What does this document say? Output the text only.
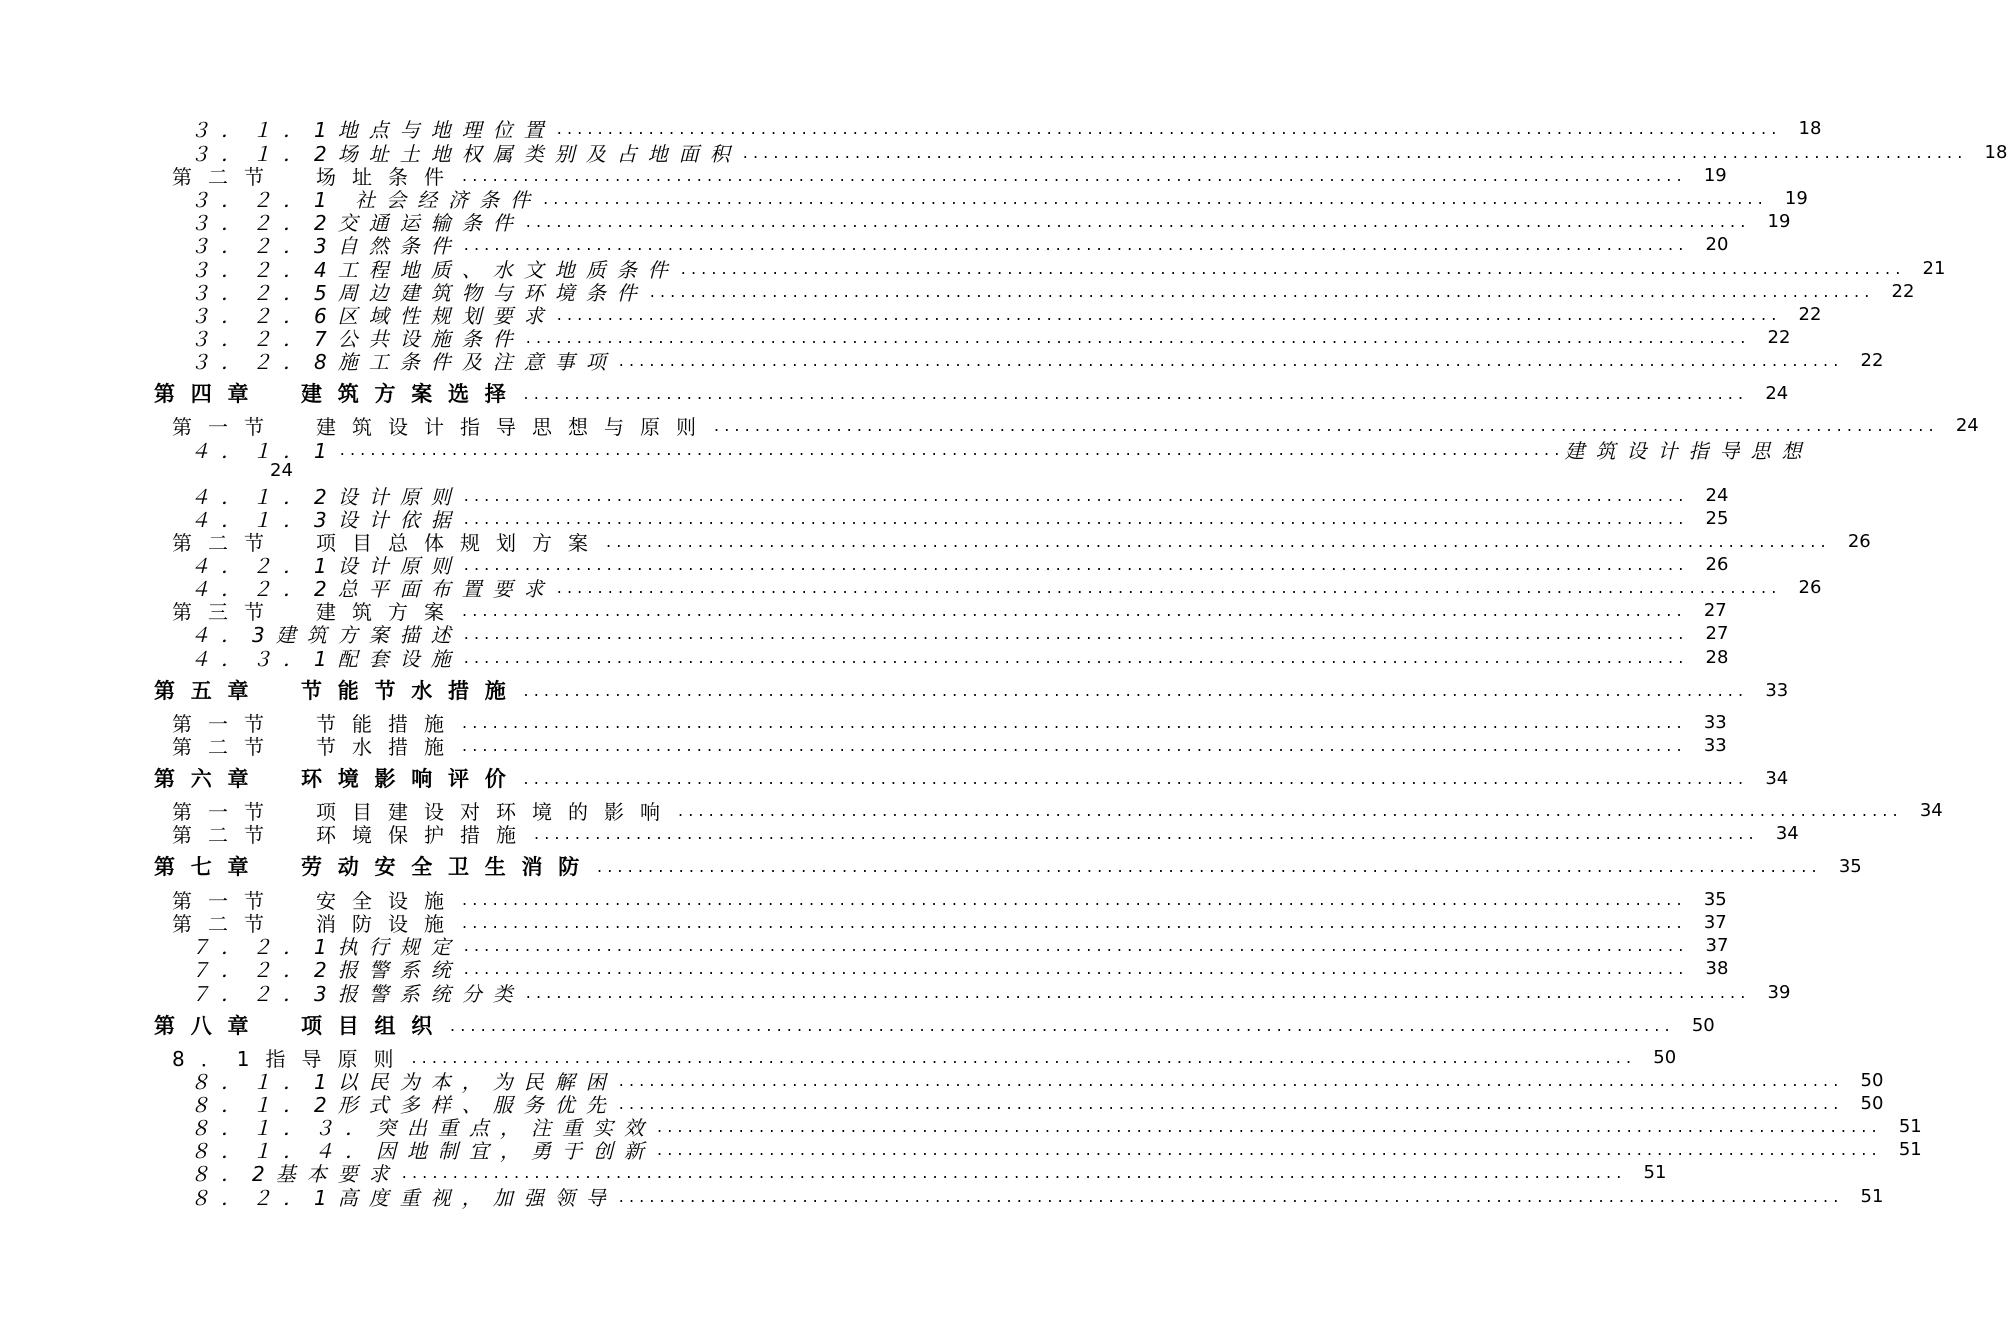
３．１．1地点与地理位置 ........................................................................................................................ 18
３．１．2场址土地权属类别及占地面积 ........................................................................................................................ 18
第二节　场址条件 ........................................................................................................................ 19
３．２．1 社会经济条件 ........................................................................................................................ 19
３．２．2交通运输条件 ........................................................................................................................ 19
３．２．3自然条件 ........................................................................................................................ 20
３．２．4工程地质、水文地质条件 ........................................................................................................................ 21
３．２．5周边建筑物与环境条件 ........................................................................................................................ 22
３．２．6区域性规划要求 ........................................................................................................................ 22
３．２．7公共设施条件 ........................................................................................................................ 22
３．２．8施工条件及注意事项 ........................................................................................................................ 22
第四章　建筑方案选择 ........................................................................................................................ 24
第一节　建筑设计指导思想与原则 ........................................................................................................................ 24
４．１．1 ........................................................................................................................ 建筑设计指导思想
24
４．１．2设计原则 ........................................................................................................................ 24
４．１．3设计依据 ........................................................................................................................ 25
第二节　项目总体规划方案 ........................................................................................................................ 26
４．２．1设计原则 ........................................................................................................................ 26
４．２．2总平面布置要求 ........................................................................................................................ 26
第三节　建筑方案 ........................................................................................................................ 27
４．3建筑方案描述 ........................................................................................................................ 27
４．３．1配套设施 ........................................................................................................................ 28
第五章　节能节水措施 ........................................................................................................................ 33
第一节　节能措施 ........................................................................................................................ 33
第二节　节水措施 ........................................................................................................................ 33
第六章　环境影响评价 ........................................................................................................................ 34
第一节　项目建设对环境的影响 ........................................................................................................................ 34
第二节　环境保护措施 ........................................................................................................................ 34
第七章　劳动安全卫生消防 ........................................................................................................................ 35
第一节　安全设施 ........................................................................................................................ 35
第二节　消防设施 ........................................................................................................................ 37
７．２．1执行规定 ........................................................................................................................ 37
７．２．2报警系统 ........................................................................................................................ 38
７．２．3报警系统分类 ........................................................................................................................ 39
第八章　项目组织 ........................................................................................................................ 50
8．1指导原则 ........................................................................................................................ 50
８．１．1以民为本，为民解困 ........................................................................................................................ 50
８．１．2形式多样、服务优先 ........................................................................................................................ 50
８．１．３．突出重点，注重实效 ........................................................................................................................ 51
８．１．４．因地制宜，勇于创新 ........................................................................................................................ 51
８．2基本要求 ........................................................................................................................ 51
８．２．1高度重视，加强领导 ........................................................................................................................ 51
